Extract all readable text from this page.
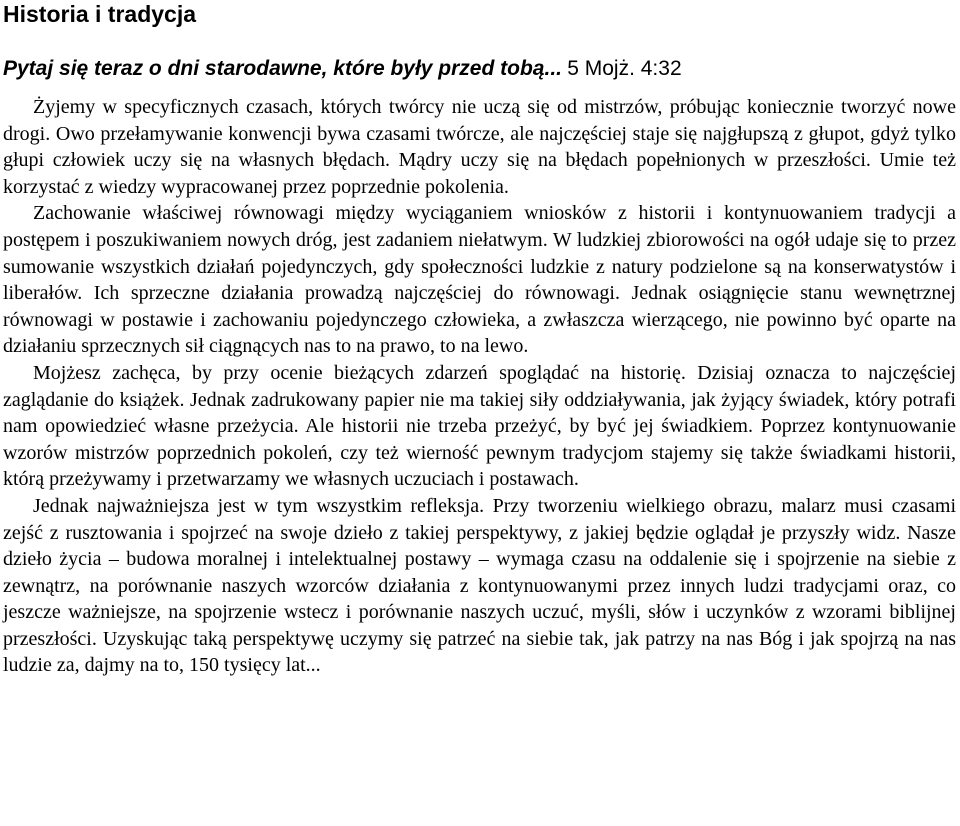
Historia i tradycja

Pytaj się teraz o dni starodawne, które były przed tobą... 5 Mojż. 4:32

Żyjemy w specyficznych czasach, których twórcy nie uczą się od mistrzów, próbując koniecznie tworzyć nowe drogi. Owo przełamywanie konwencji bywa czasami twórcze, ale najczęściej staje się najgłupszą z głupot, gdyż tylko głupi człowiek uczy się na własnych błędach. Mądry uczy się na błędach popełnionych w przeszłości. Umie też korzystać z wiedzy wypracowanej przez poprzednie pokolenia.

Zachowanie właściwej równowagi między wyciąganiem wniosków z historii i kontynuowaniem tradycji a postępem i poszukiwaniem nowych dróg, jest zadaniem niełatwym. W ludzkiej zbiorowości na ogół udaje się to przez sumowanie wszystkich działań pojedynczych, gdy społeczności ludzkie z natury podzielone są na konserwatystów i liberałów. Ich sprzeczne działania prowadzą najczęściej do równowagi. Jednak osiągnięcie stanu wewnętrznej równowagi w postawie i zachowaniu pojedynczego człowieka, a zwłaszcza wierzącego, nie powinno być oparte na działaniu sprzecznych sił ciągnących nas to na prawo, to na lewo.

Mojżesz zachęca, by przy ocenie bieżących zdarzeń spoglądać na historię. Dzisiaj oznacza to najczęściej zaglądanie do książek. Jednak zadrukowany papier nie ma takiej siły oddziaływania, jak żyjący świadek, który potrafi nam opowiedzieć własne przeżycia. Ale historii nie trzeba przeżyć, by być jej świadkiem. Poprzez kontynuowanie wzorów mistrzów poprzednich pokoleń, czy też wierność pewnym tradycjom stajemy się także świadkami historii, którą przeżywamy i przetwarzamy we własnych uczuciach i postawach.

Jednak najważniejsza jest w tym wszystkim refleksja. Przy tworzeniu wielkiego obrazu, malarz musi czasami zejść z rusztowania i spojrzeć na swoje dzieło z takiej perspektywy, z jakiej będzie oglądał je przyszły widz. Nasze dzieło życia – budowa moralnej i intelektualnej postawy – wymaga czasu na oddalenie się i spojrzenie na siebie z zewnątrz, na porównanie naszych wzorców działania z kontynuowanymi przez innych ludzi tradycjami oraz, co jeszcze ważniejsze, na spojrzenie wstecz i porównanie naszych uczuć, myśli, słów i uczynków z wzorami biblijnej przeszłości. Uzyskując taką perspektywę uczymy się patrzeć na siebie tak, jak patrzy na nas Bóg i jak spojrzą na nas ludzie za, dajmy na to, 150 tysięcy lat...
